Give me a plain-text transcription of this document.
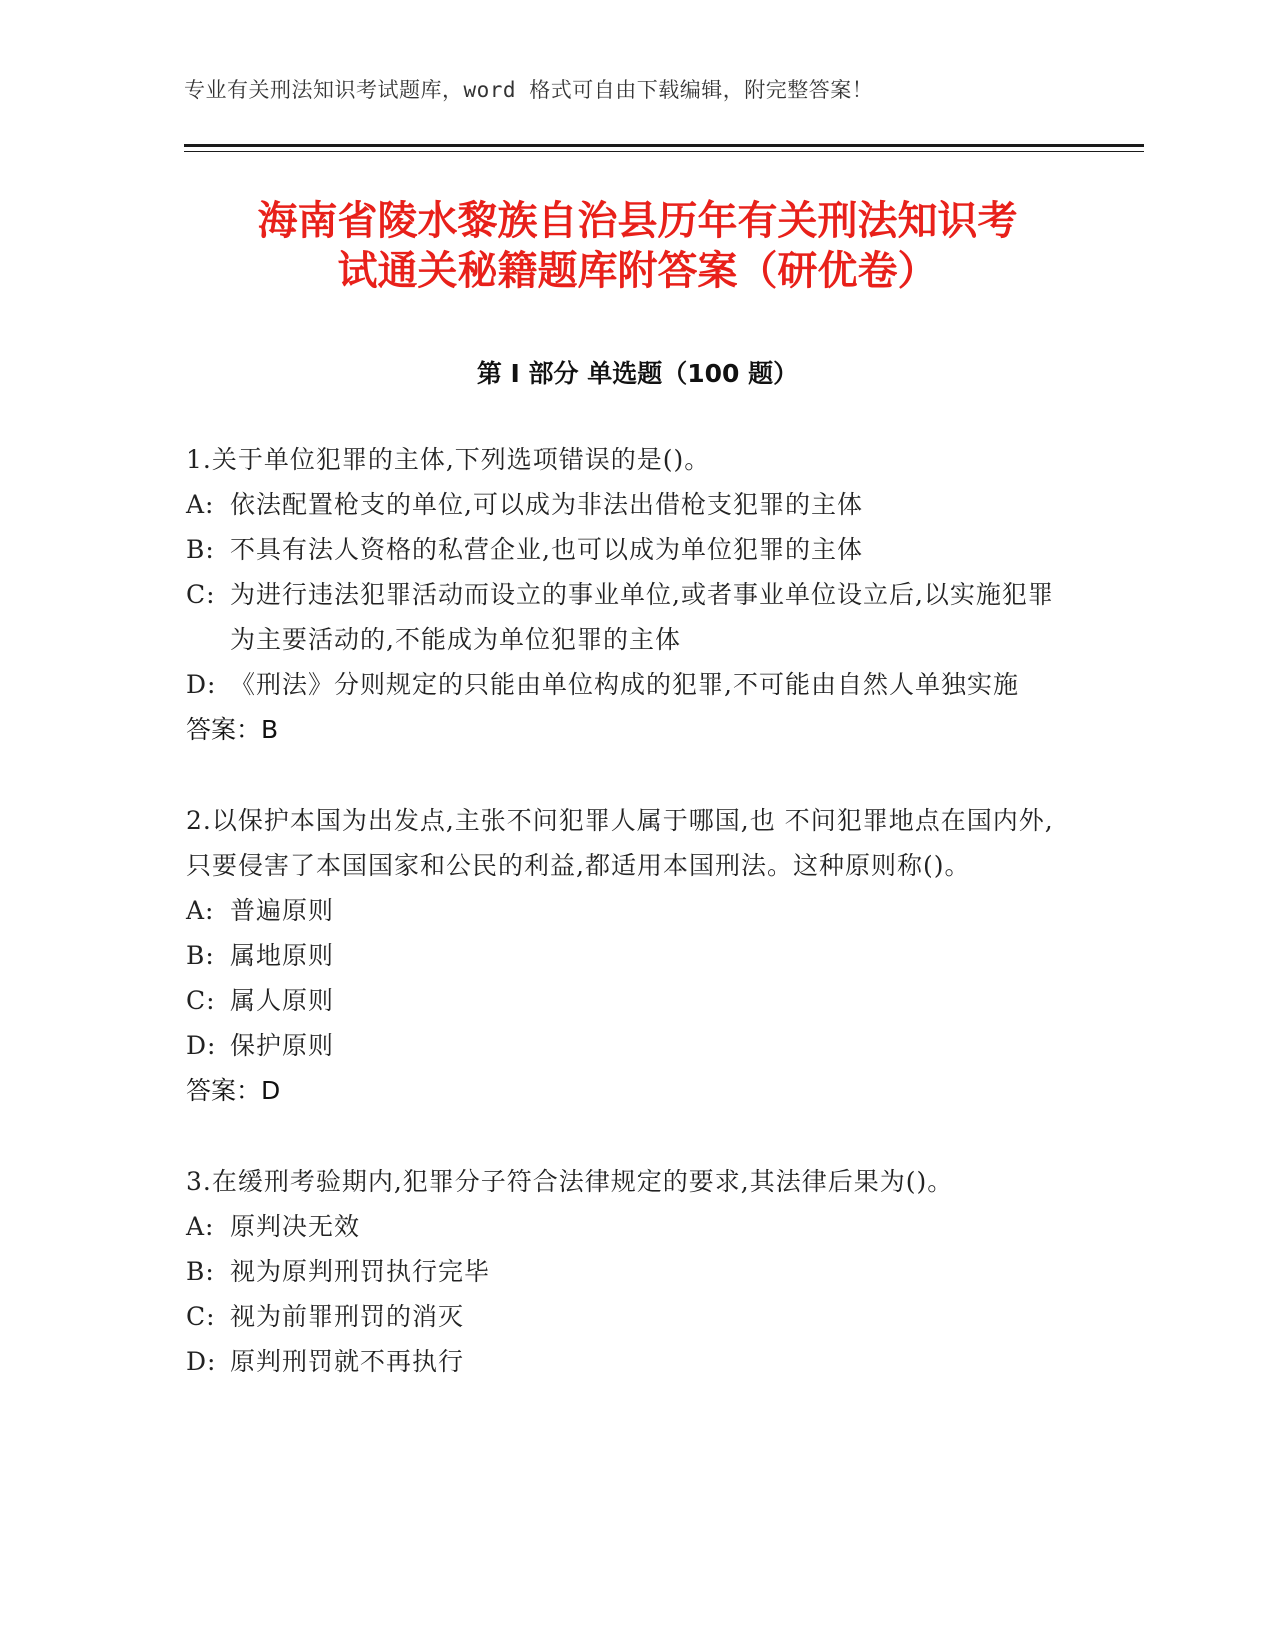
专业有关刑法知识考试题库，word 格式可自由下载编辑，附完整答案！
海南省陵水黎族自治县历年有关刑法知识考
试通关秘籍题库附答案（研优卷）
第 I 部分 单选题（100 题）
1.关于单位犯罪的主体,下列选项错误的是()。
A: 依法配置枪支的单位,可以成为非法出借枪支犯罪的主体
B: 不具有法人资格的私营企业,也可以成为单位犯罪的主体
C: 为进行违法犯罪活动而设立的事业单位,或者事业单位设立后,以实施犯罪为主要活动的,不能成为单位犯罪的主体
D: 《刑法》分则规定的只能由单位构成的犯罪,不可能由自然人单独实施
答案：B
2.以保护本国为出发点,主张不问犯罪人属于哪国,也 不问犯罪地点在国内外,只要侵害了本国国家和公民的利益,都适用本国刑法。这种原则称()。
A: 普遍原则
B: 属地原则
C: 属人原则
D: 保护原则
答案：D
3.在缓刑考验期内,犯罪分子符合法律规定的要求,其法律后果为()。
A: 原判决无效
B: 视为原判刑罚执行完毕
C: 视为前罪刑罚的消灭
D: 原判刑罚就不再执行
